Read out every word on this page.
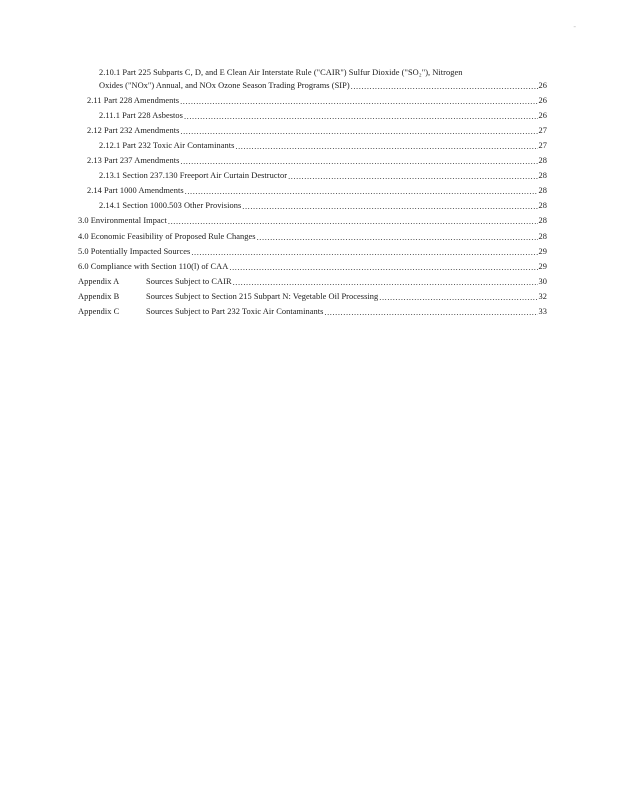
-
2.10.1 Part 225 Subparts C, D, and E Clean Air Interstate Rule ("CAIR") Sulfur Dioxide ("SO₂"), Nitrogen
Oxides ("NOx") Annual, and NOx Ozone Season Trading Programs (SIP) .....	26
2.11 Part 228 Amendments .....	26
2.11.1 Part 228 Asbestos .....	26
2.12 Part 232 Amendments .....	27
2.12.1 Part 232 Toxic Air Contaminants .....	27
2.13 Part 237 Amendments .....	28
2.13.1 Section 237.130 Freeport Air Curtain Destructor .....	28
2.14 Part 1000 Amendments .....	28
2.14.1 Section 1000.503 Other Provisions .....	28
3.0 Environmental Impact .....	28
4.0 Economic Feasibility of Proposed Rule Changes .....	28
5.0 Potentially Impacted Sources .....	29
6.0 Compliance with Section 110(l) of CAA .....	29
Appendix A	Sources Subject to CAIR .....	30
Appendix B	Sources Subject to Section 215 Subpart N: Vegetable Oil Processing .....	32
Appendix C	Sources Subject to Part 232 Toxic Air Contaminants .....	33
